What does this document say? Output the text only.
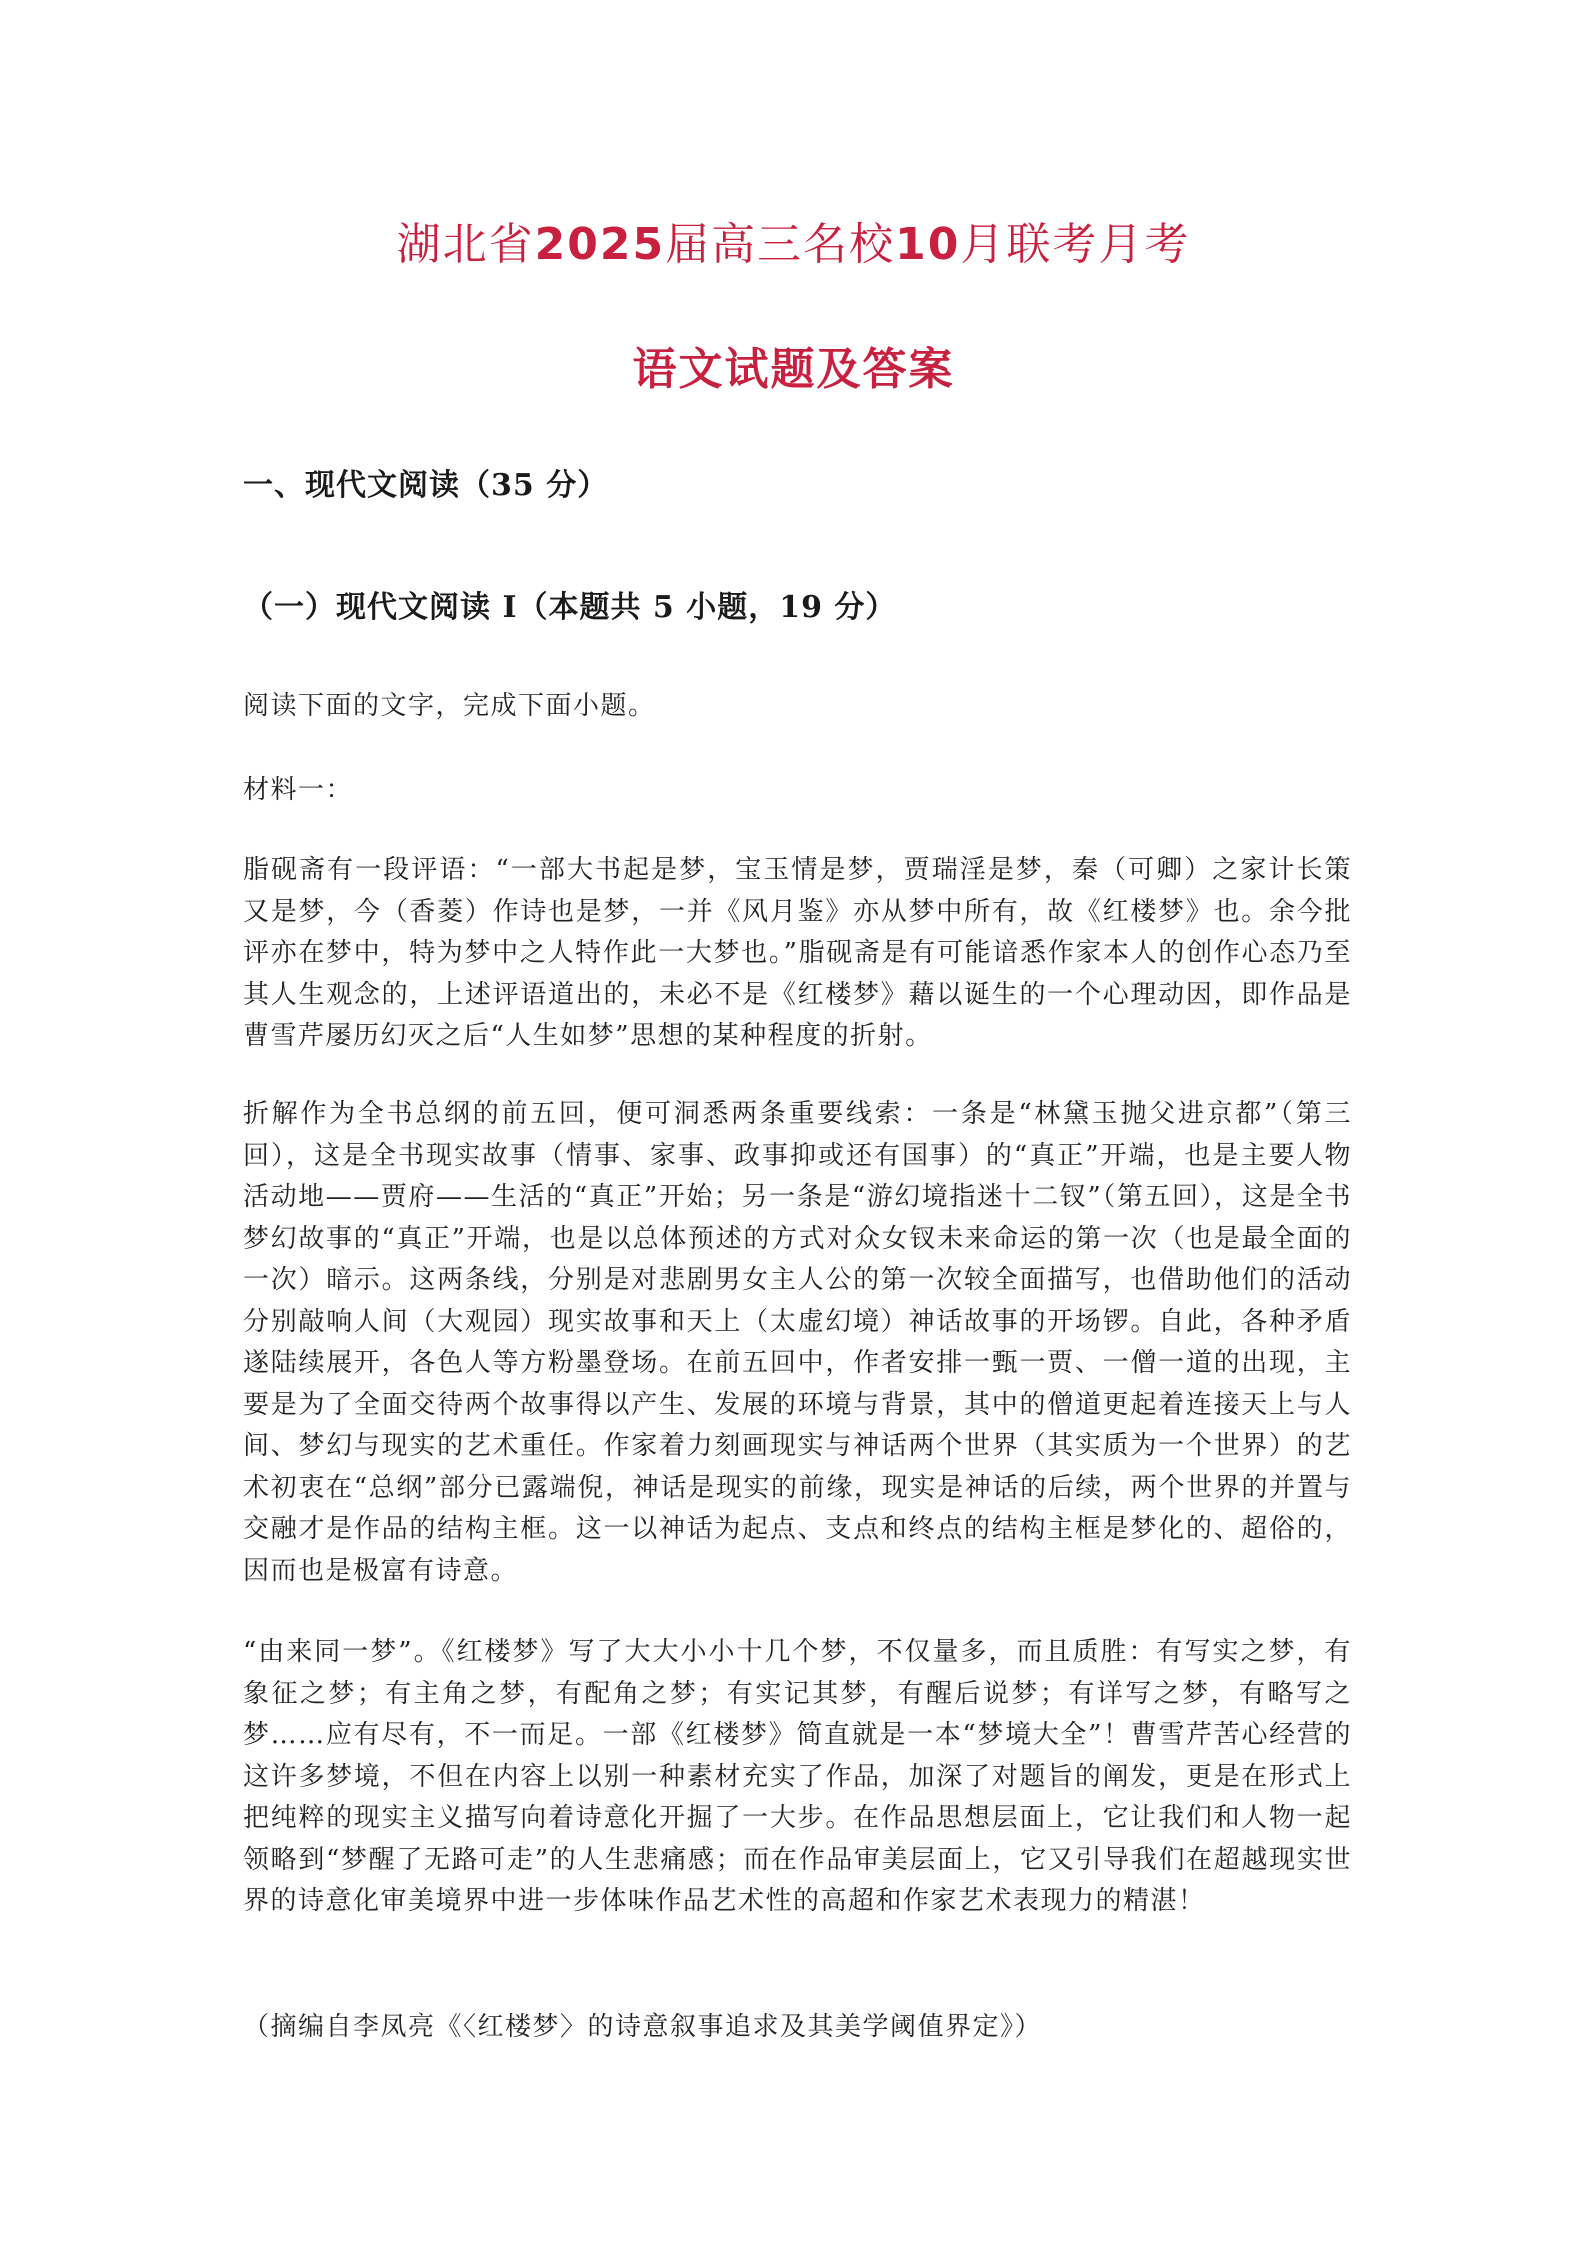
湖北省2025届高三名校10月联考月考
语文试题及答案
一、现代文阅读（35 分）
（一）现代文阅读 I（本题共 5 小题，19 分）

阅读下面的文字，完成下面小题。

材料一：

脂砚斋有一段评语：“一部大书起是梦，宝玉情是梦，贾瑞淫是梦，秦（可卿）之家计长策又是梦，今（香菱）作诗也是梦，一并《风月鉴》亦从梦中所有，故《红楼梦》也。余今批评亦在梦中，特为梦中之人特作此一大梦也。”脂砚斋是有可能谙悉作家本人的创作心态乃至其人生观念的，上述评语道出的，未必不是《红楼梦》藉以诞生的一个心理动因，即作品是曹雪芹屡历幻灭之后“人生如梦”思想的某种程度的折射。

折解作为全书总纲的前五回，便可洞悉两条重要线索：一条是“林黛玉抛父进京都”（第三回），这是全书现实故事（情事、家事、政事抑或还有国事）的“真正”开端，也是主要人物活动地——贾府——生活的“真正”开始；另一条是“游幻境指迷十二钗”（第五回），这是全书梦幻故事的“真正”开端，也是以总体预述的方式对众女钗未来命运的第一次（也是最全面的一次）暗示。这两条线，分别是对悲剧男女主人公的第一次较全面描写，也借助他们的活动分别敲响人间（大观园）现实故事和天上（太虚幻境）神话故事的开场锣。自此，各种矛盾遂陆续展开，各色人等方粉墨登场。在前五回中，作者安排一甄一贾、一僧一道的出现，主要是为了全面交待两个故事得以产生、发展的环境与背景，其中的僧道更起着连接天上与人间、梦幻与现实的艺术重任。作家着力刻画现实与神话两个世界（其实质为一个世界）的艺术初衷在“总纲”部分已露端倪，神话是现实的前缘，现实是神话的后续，两个世界的并置与交融才是作品的结构主框。这一以神话为起点、支点和终点的结构主框是梦化的、超俗的，因而也是极富有诗意。

“由来同一梦”。《红楼梦》写了大大小小十几个梦，不仅量多，而且质胜：有写实之梦，有象征之梦；有主角之梦，有配角之梦；有实记其梦，有醒后说梦；有详写之梦，有略写之梦……应有尽有，不一而足。一部《红楼梦》简直就是一本“梦境大全”！曹雪芹苦心经营的这许多梦境，不但在内容上以别一种素材充实了作品，加深了对题旨的阐发，更是在形式上把纯粹的现实主义描写向着诗意化开掘了一大步。在作品思想层面上，它让我们和人物一起领略到“梦醒了无路可走”的人生悲痛感；而在作品审美层面上，它又引导我们在超越现实世界的诗意化审美境界中进一步体味作品艺术性的高超和作家艺术表现力的精湛！

（摘编自李凤亮《〈红楼梦〉的诗意叙事追求及其美学阈值界定》）
